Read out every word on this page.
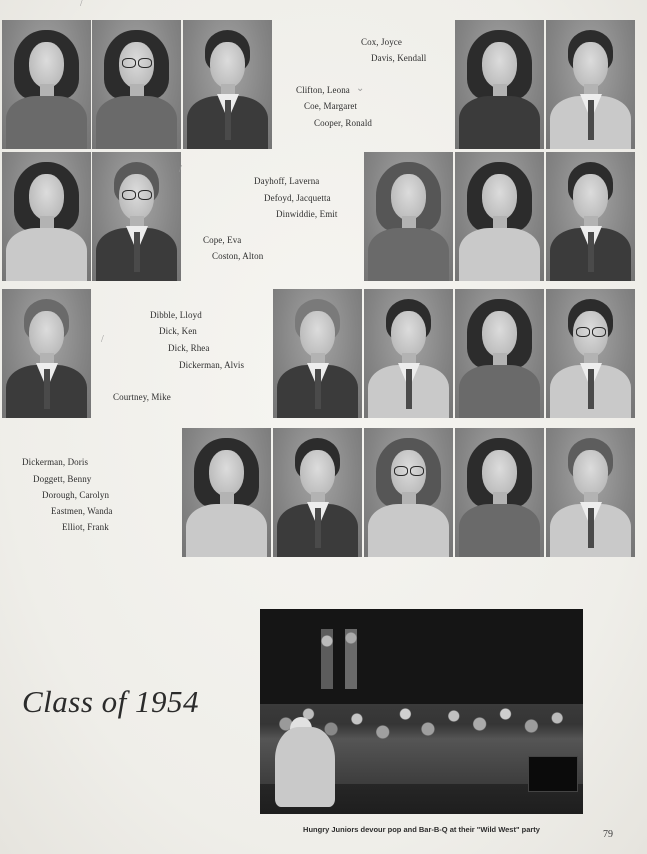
Cox, Joyce
Davis, Kendall
Clifton, Leona
Coe, Margaret
Cooper, Ronald
Dayhoff, Laverna
Defoyd, Jacquetta
Dinwiddie, Emit
Cope, Eva
Coston, Alton
Dibble, Lloyd
Dick, Ken
Dick, Rhea
Dickerman, Alvis
Courtney, Mike
Dickerman, Doris
Doggett, Benny
Dorough, Carolyn
Eastmen, Wanda
Elliot, Frank
/
⌄
/
/
Class of 1954
Hungry Juniors devour pop and Bar-B-Q at their "Wild West" party	79
